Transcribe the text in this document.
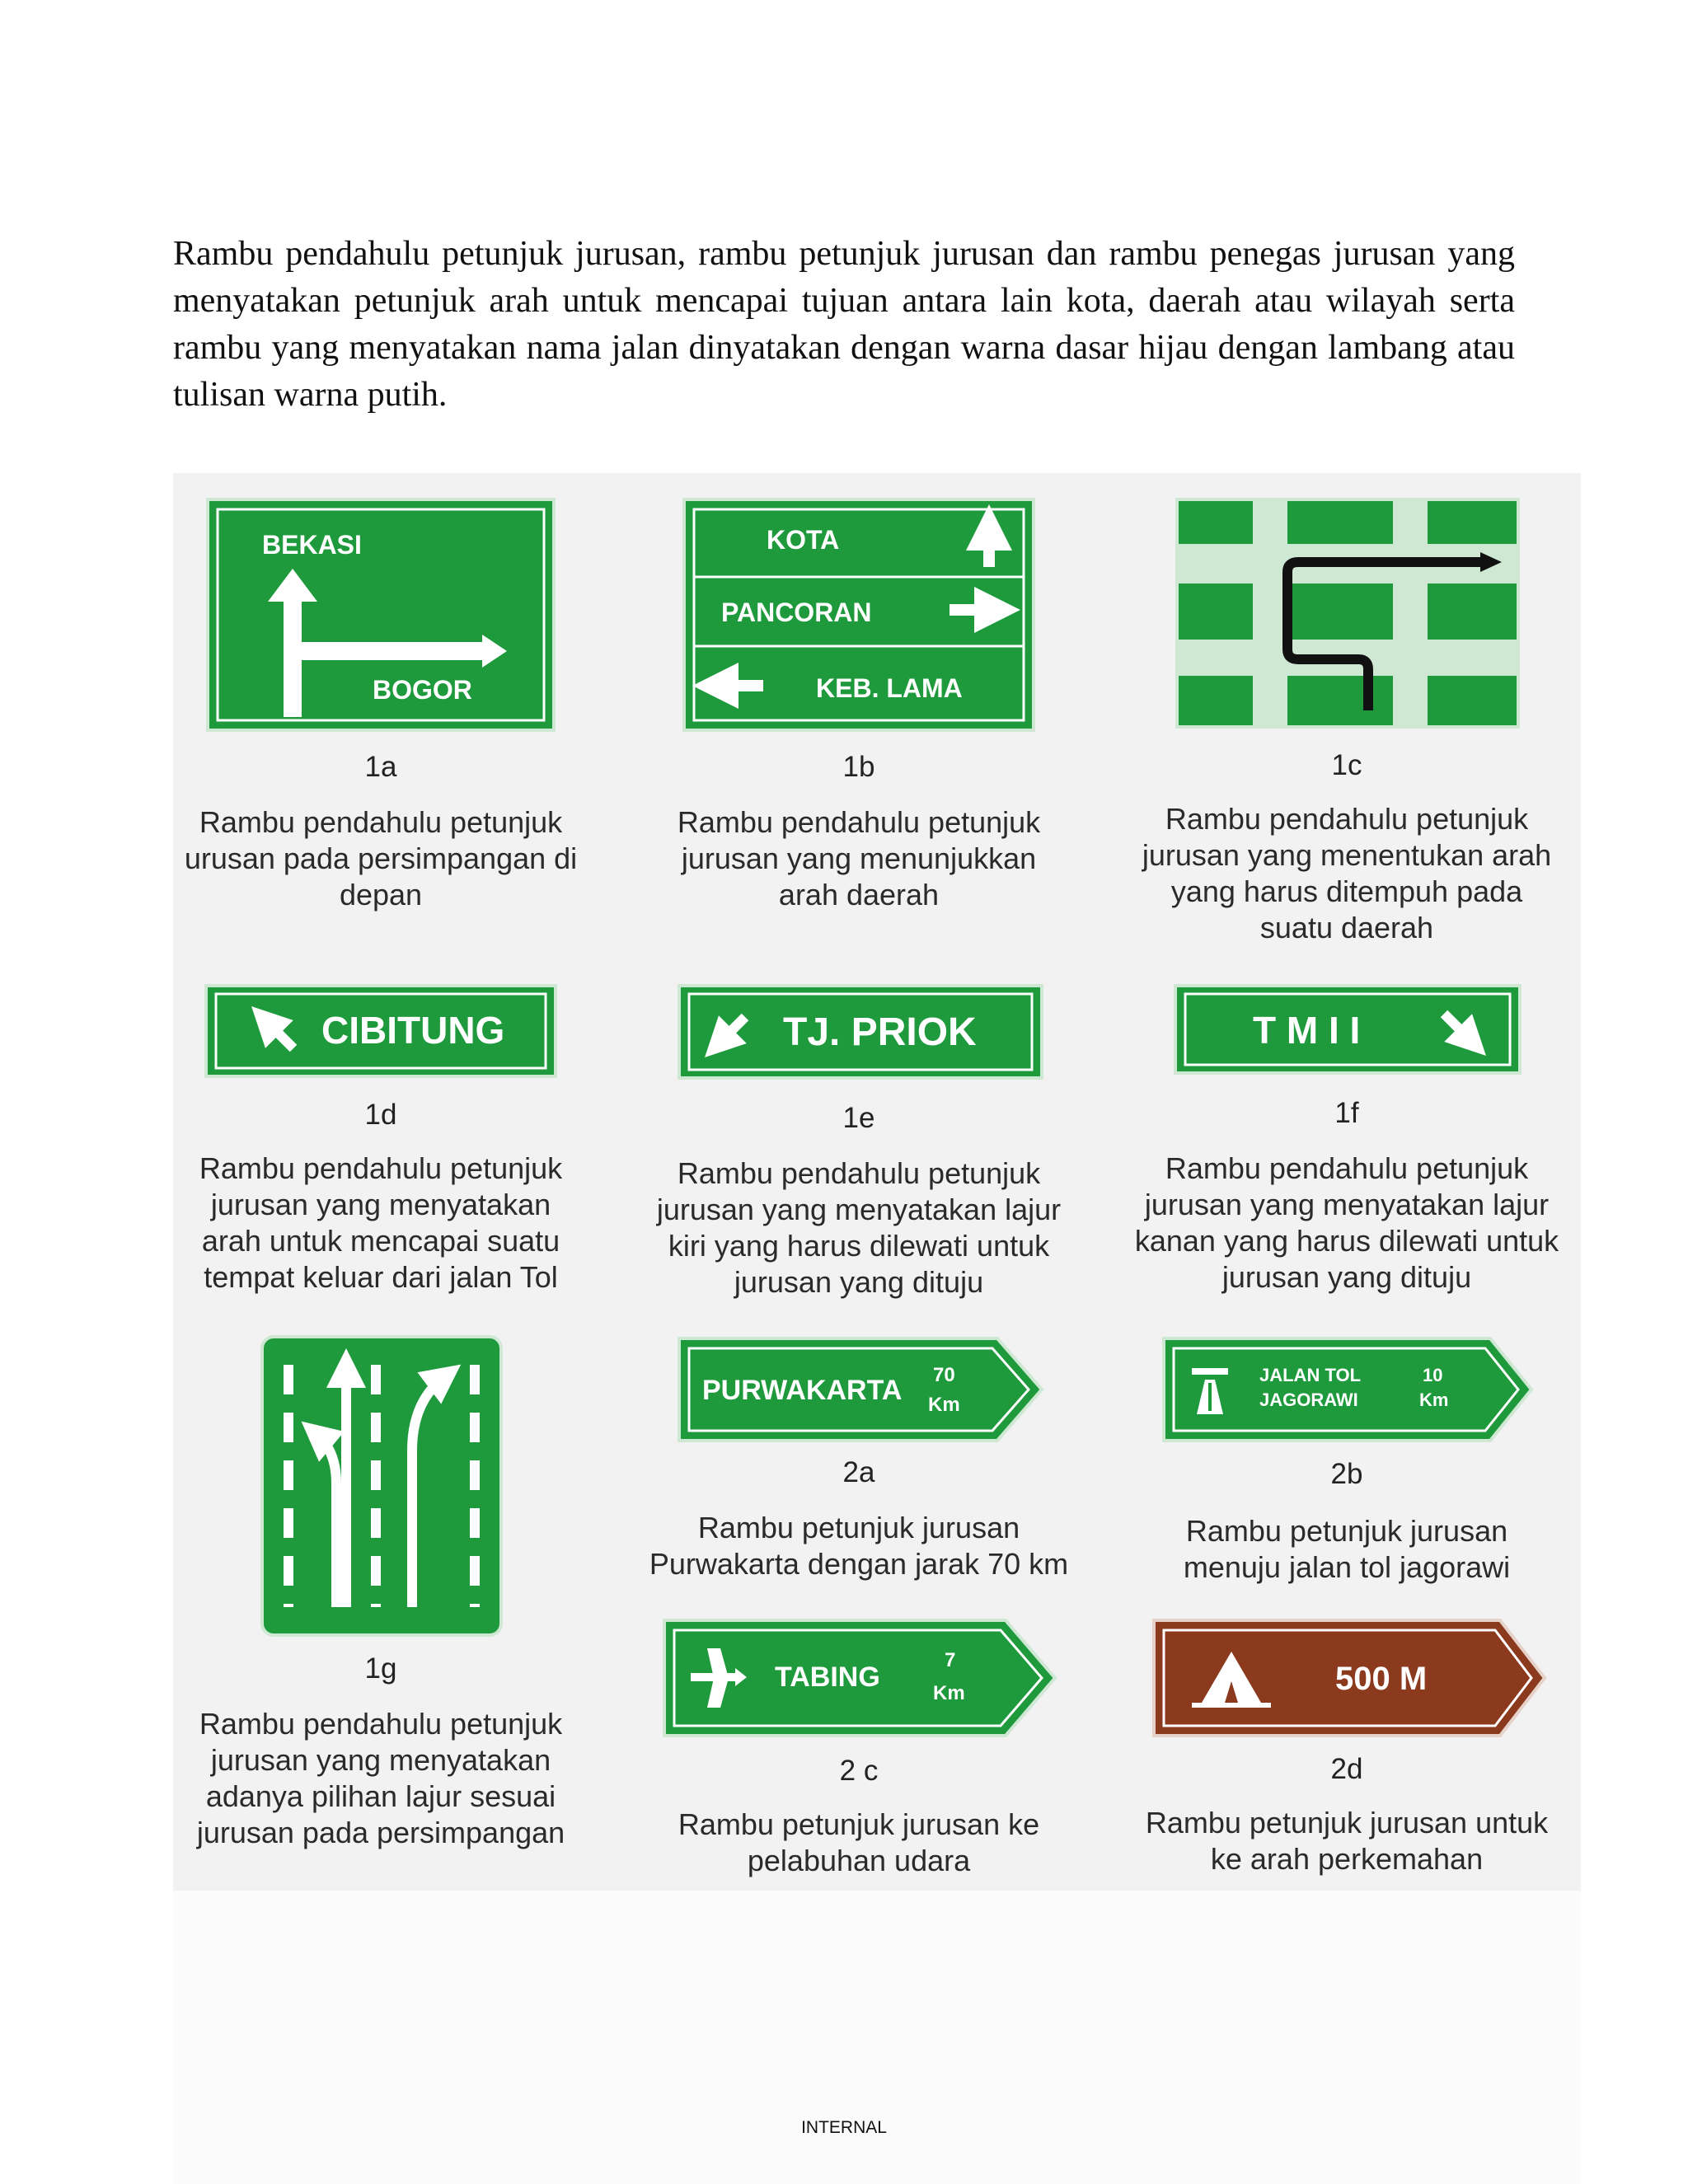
Rambu pendahulu petunjuk jurusan, rambu petunjuk jurusan dan rambu penegas jurusan yang menyatakan petunjuk arah untuk mencapai tujuan antara lain kota, daerah atau wilayah serta rambu yang menyatakan nama jalan dinyatakan dengan warna dasar hijau dengan lambang atau tulisan warna putih.

BEKASI
BOGOR
1a
Rambu pendahulu petunjuk
urusan pada persimpangan di
depan
KOTA
PANCORAN
KEB. LAMA
1b
Rambu pendahulu petunjuk
jurusan yang menunjukkan
arah daerah
1c
Rambu pendahulu petunjuk
jurusan yang menentukan arah
yang harus ditempuh pada
suatu daerah
CIBITUNG
1d
Rambu pendahulu petunjuk
jurusan yang menyatakan
arah untuk mencapai suatu
tempat keluar dari jalan Tol
TJ. PRIOK
1e
Rambu pendahulu petunjuk
jurusan yang menyatakan lajur
kiri yang harus dilewati untuk
jurusan yang dituju
T M I I
1f
Rambu pendahulu petunjuk
jurusan yang menyatakan lajur
kanan yang harus dilewati untuk
jurusan yang dituju
1g
Rambu pendahulu petunjuk
jurusan yang menyatakan
adanya pilihan lajur sesuai
jurusan pada persimpangan
PURWAKARTA 70
Km
2a
Rambu petunjuk jurusan
Purwakarta dengan jarak 70 km
JALAN TOL
JAGORAWI
10
Km
2b
Rambu petunjuk jurusan
menuju jalan tol jagorawi
TABING
7
Km
2 c
Rambu petunjuk jurusan ke
pelabuhan udara
500 M
2d
Rambu petunjuk jurusan untuk
ke arah perkemahan
INTERNAL
